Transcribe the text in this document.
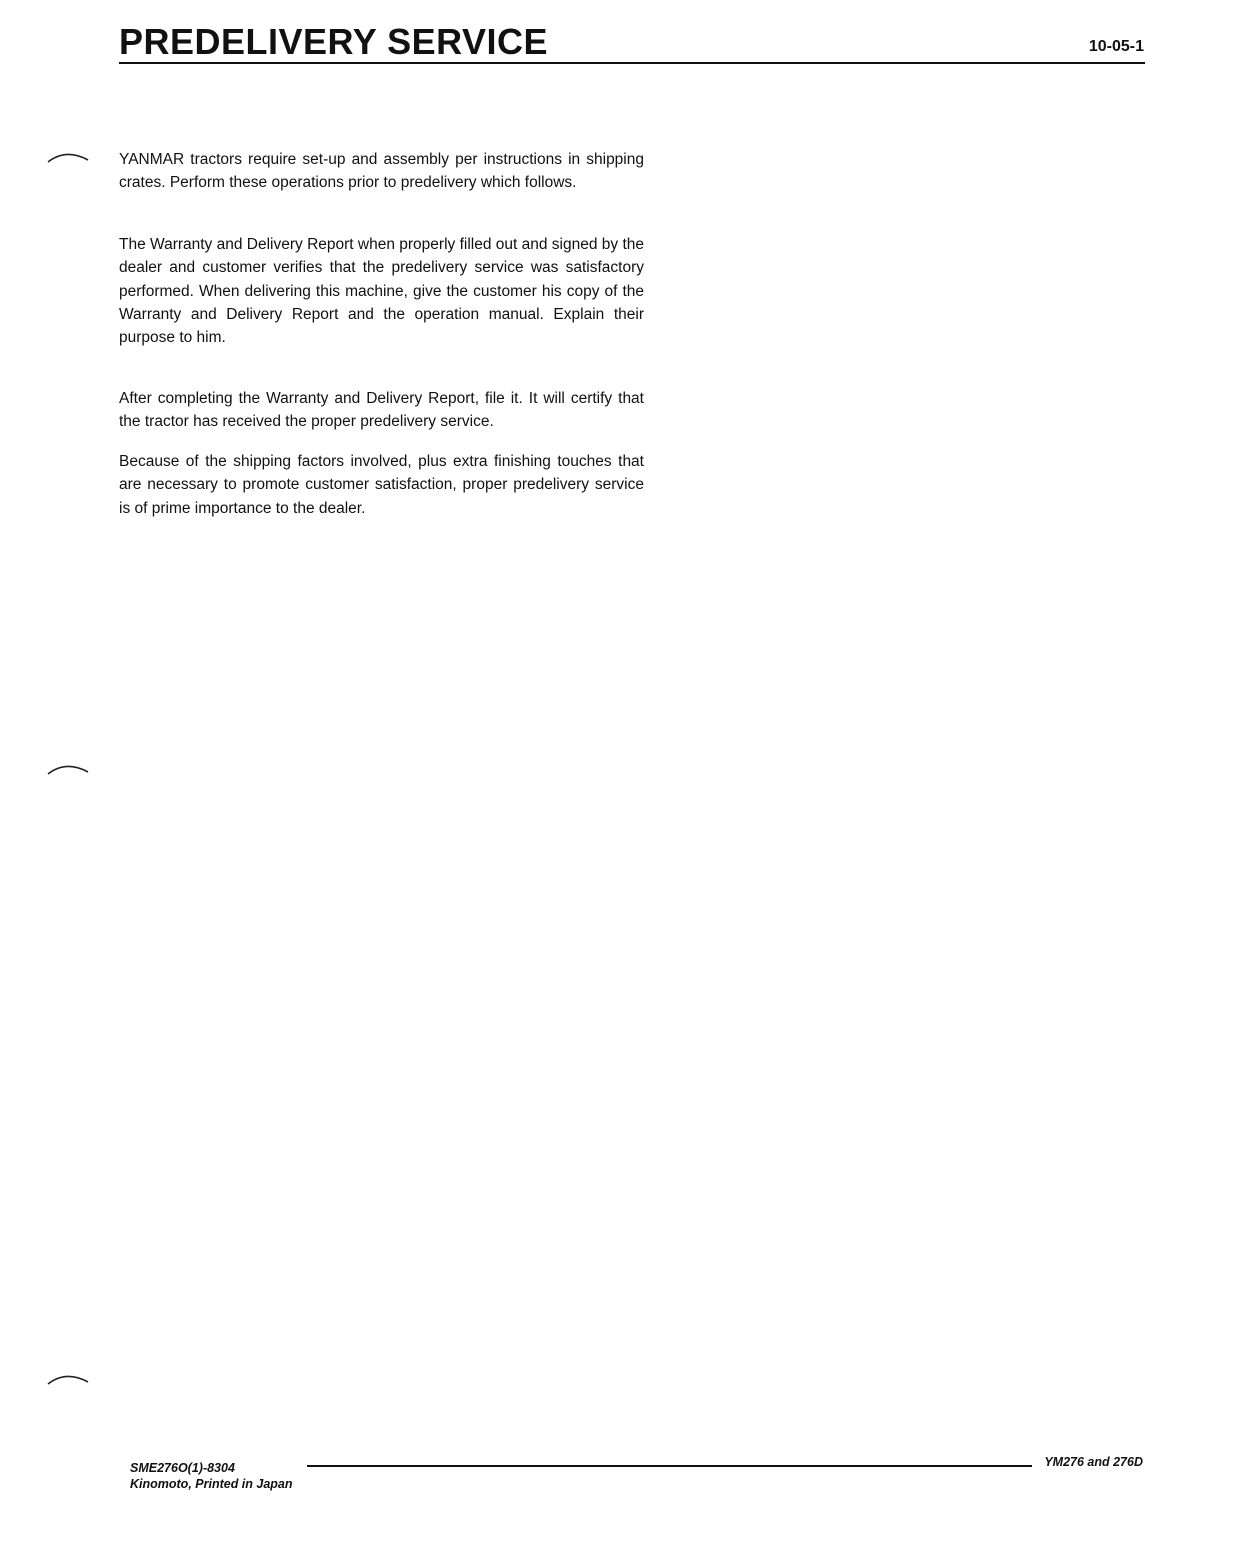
PREDELIVERY SERVICE	10-05-1

YANMAR tractors require set-up and assembly per instructions in shipping crates. Perform these operations prior to predelivery which follows.

The Warranty and Delivery Report when properly filled out and signed by the dealer and customer verifies that the predelivery service was satisfactory performed. When delivering this machine, give the customer his copy of the Warranty and Delivery Report and the operation manual. Explain their purpose to him.

After completing the Warranty and Delivery Report, file it. It will certify that the tractor has received the proper predelivery service.

Because of the shipping factors involved, plus extra finishing touches that are necessary to promote customer satisfaction, proper predelivery service is of prime importance to the dealer.

SME276O(1)-8304
Kinomoto, Printed in Japan
YM276 and 276D
